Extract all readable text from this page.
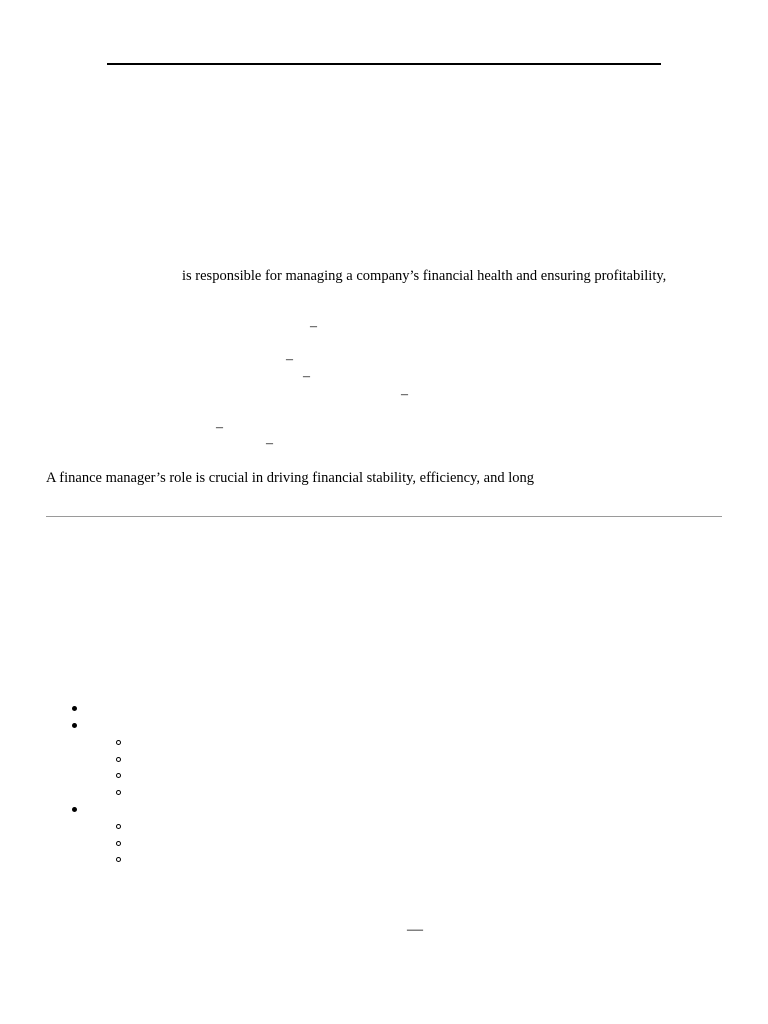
is responsible for managing a company’s financial health and ensuring profitability,
–
–
–
–
–
–
A finance manager’s role is crucial in driving financial stability, efficiency, and long
—
